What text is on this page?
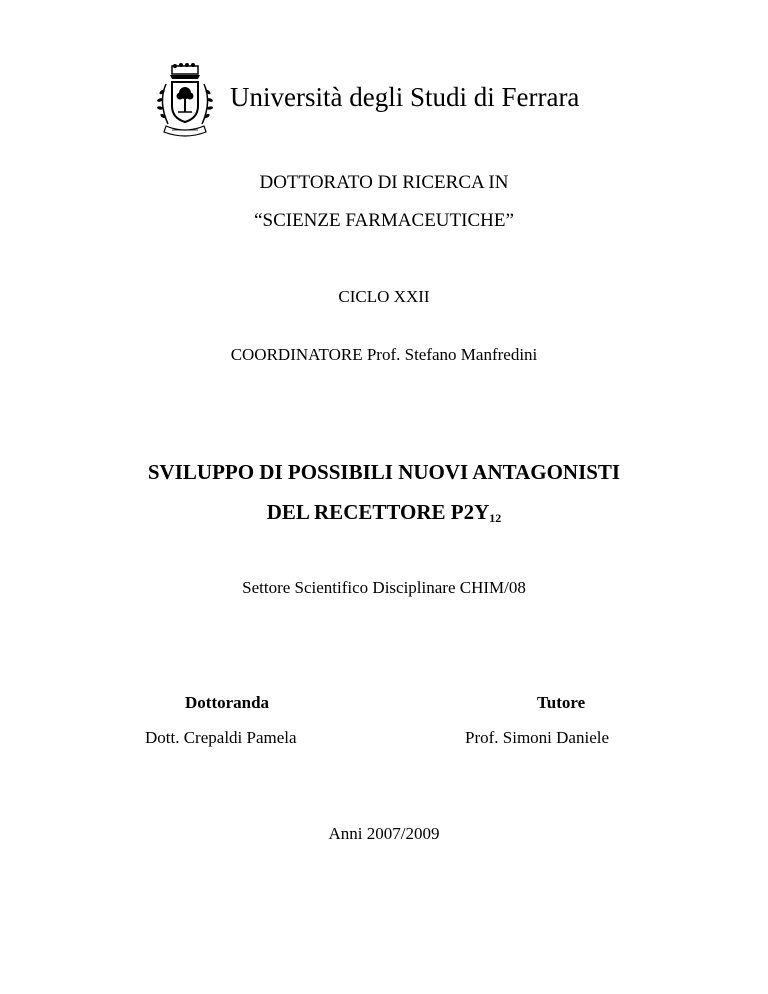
Università degli Studi di Ferrara
DOTTORATO DI RICERCA IN
“SCIENZE FARMACEUTICHE”
CICLO XXII
COORDINATORE Prof. Stefano Manfredini
SVILUPPO DI POSSIBILI NUOVI ANTAGONISTI
DEL RECETTORE $P2Y_{12}$
Settore Scientifico Disciplinare CHIM/08
Dottoranda
Dott. Crepaldi Pamela
Tutore
Prof. Simoni Daniele
Anni 2007/2009
